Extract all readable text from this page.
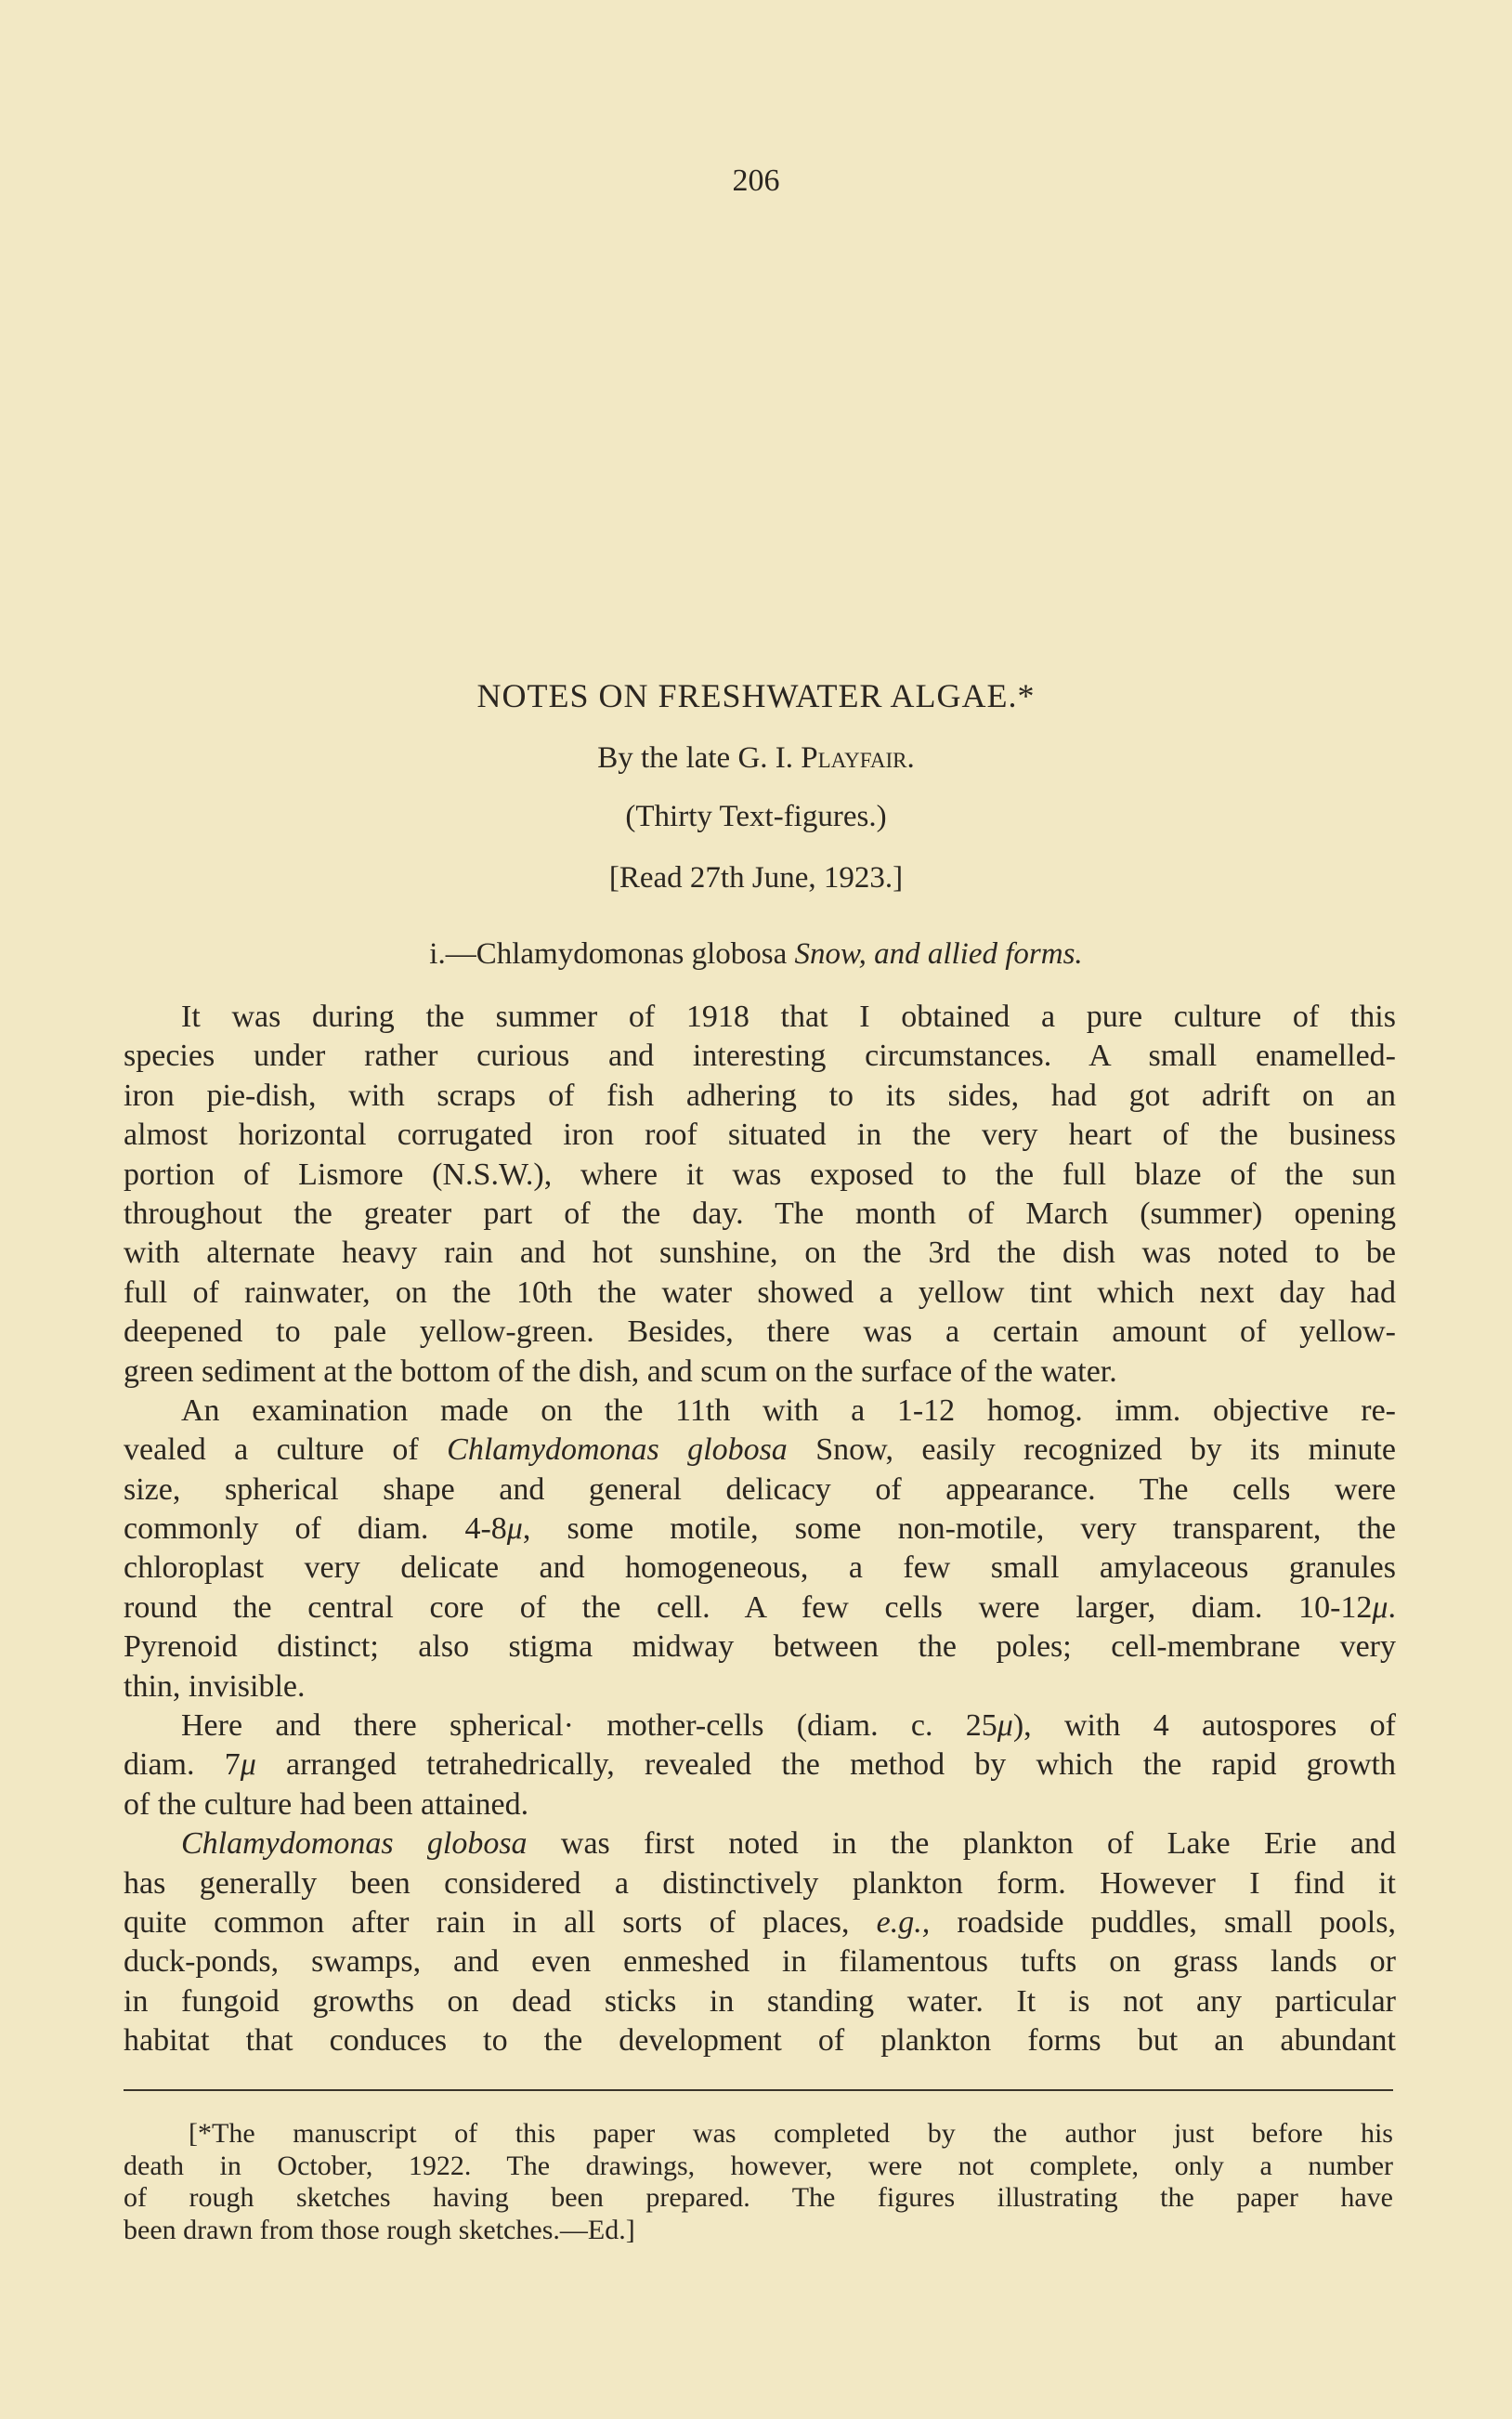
206
NOTES ON FRESHWATER ALGAE.*
By the late G. I. Playfair.
(Thirty Text-figures.)
[Read 27th June, 1923.]
i.—Chlamydomonas globosa Snow, and allied forms.
It was during the summer of 1918 that I obtained a pure culture of this
species under rather curious and interesting circumstances. A small enamelled-
iron pie-dish, with scraps of fish adhering to its sides, had got adrift on an
almost horizontal corrugated iron roof situated in the very heart of the business
portion of Lismore (N.S.W.), where it was exposed to the full blaze of the sun
throughout the greater part of the day. The month of March (summer) opening
with alternate heavy rain and hot sunshine, on the 3rd the dish was noted to be
full of rainwater, on the 10th the water showed a yellow tint which next day had
deepened to pale yellow-green. Besides, there was a certain amount of yellow-
green sediment at the bottom of the dish, and scum on the surface of the water.
An examination made on the 11th with a 1-12 homog. imm. objective re-
vealed a culture of Chlamydomonas globosa Snow, easily recognized by its minute
size, spherical shape and general delicacy of appearance. The cells were
commonly of diam. 4-8μ, some motile, some non-motile, very transparent, the
chloroplast very delicate and homogeneous, a few small amylaceous granules
round the central core of the cell. A few cells were larger, diam. 10-12μ.
Pyrenoid distinct; also stigma midway between the poles; cell-membrane very
thin, invisible.
Here and there spherical· mother-cells (diam. c. 25μ), with 4 autospores of
diam. 7μ arranged tetrahedrically, revealed the method by which the rapid growth
of the culture had been attained.
Chlamydomonas globosa was first noted in the plankton of Lake Erie and
has generally been considered a distinctively plankton form. However I find it
quite common after rain in all sorts of places, e.g., roadside puddles, small pools,
duck-ponds, swamps, and even enmeshed in filamentous tufts on grass lands or
in fungoid growths on dead sticks in standing water. It is not any particular
habitat that conduces to the development of plankton forms but an abundant
[*The manuscript of this paper was completed by the author just before his
death in October, 1922. The drawings, however, were not complete, only a number
of rough sketches having been prepared. The figures illustrating the paper have
been drawn from those rough sketches.—Ed.]
